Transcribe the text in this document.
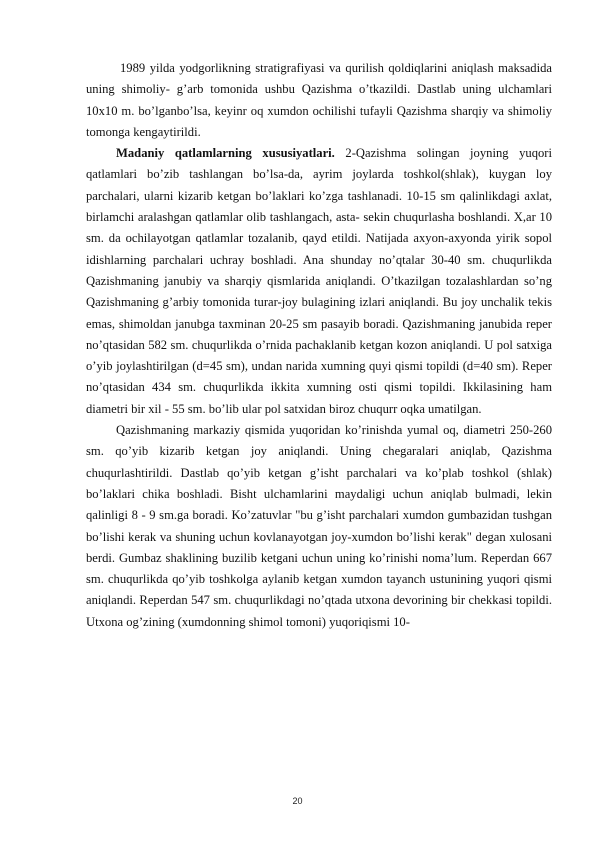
1989 yilda yodgorlikning stratigrafiyasi va qurilish qoldiqlarini aniqlash maksadida uning shimoliy- g’arb tomonida ushbu Qazishma o’tkazildi. Dastlab uning ulchamlari 10x10 m. bo’lganbo’lsa, keyinr oq xumdon ochilishi tufayli Qazishma sharqiy va shimoliy tomonga kengaytirildi.

Madaniy qatlamlarning xususiyatlari. 2-Qazishma solingan joyning yuqori qatlamlari bo’zib tashlangan bo’lsa-da, ayrim joylarda toshkol(shlak), kuygan loy parchalari, ularni kizarib ketgan bo’laklari ko’zga tashlanadi. 10-15 sm qalinlikdagi axlat, birlamchi aralashgan qatlamlar olib tashlangach, asta- sekin chuqurlasha boshlandi. X,ar 10 sm. da ochilayotgan qatlamlar tozalanib, qayd etildi. Natijada axyon-axyonda yirik sopol idishlarning parchalari uchray boshladi. Ana shunday no’qtalar 30-40 sm. chuqurlikda Qazishmaning janubiy va sharqiy qismlarida aniqlandi. O’tkazilgan tozalashlardan so’ng Qazishmaning g’arbiy tomonida turar-joy bulagining izlari aniqlandi. Bu joy unchalik tekis emas, shimoldan janubga taxminan 20-25 sm pasayib boradi. Qazishmaning janubida reper no’qtasidan 582 sm. chuqurlikda o’rnida pachaklanib ketgan kozon aniqlandi. U pol satxiga o’yib joylashtirilgan (d=45 sm), undan narida xumning quyi qismi topildi (d=40 sm). Reper no’qtasidan 434 sm. chuqurlikda ikkita xumning osti qismi topildi. Ikkilasining ham diametri bir xil - 55 sm. bo’lib ular pol satxidan biroz chuqurr oqka umatilgan.

Qazishmaning markaziy qismida yuqoridan ko’rinishda yumal oq, diametri 250-260 sm. qo’yib kizarib ketgan joy aniqlandi. Uning chegaralari aniqlab, Qazishma chuqurlashtirildi. Dastlab qo’yib ketgan g’isht parchalari va ko’plab toshkol (shlak) bo’laklari chika boshladi. Bisht ulchamlarini maydaligi uchun aniqlab bulmadi, lekin qalinligi 8 - 9 sm.ga boradi. Ko’zatuvlar "bu g’isht parchalari xumdon gumbazidan tushgan bo’lishi kerak va shuning uchun kovlanayotgan joy-xumdon bo’lishi kerak" degan xulosani berdi. Gumbaz shaklining buzilib ketgani uchun uning ko’rinishi noma’lum. Reperdan 667 sm. chuqurlikda qo’yib toshkolga aylanib ketgan xumdon tayanch ustunining yuqori qismi aniqlandi. Reperdan 547 sm. chuqurlikdagi no’qtada utxona devorining bir chekkasi topildi. Utxona og’zining (xumdonning shimol tomoni) yuqoriqismi 10-

20
